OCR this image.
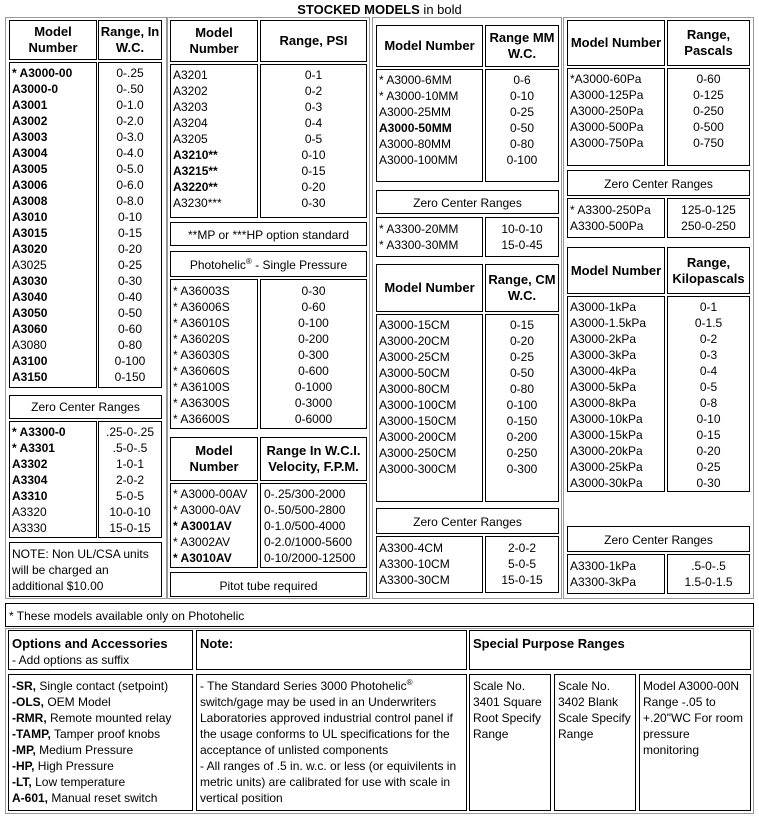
STOCKED MODELS in bold
Model Number
Range, In W.C.
* A3000-00
A3000-0
A3001
A3002
A3003
A3004
A3005
A3006
A3008
A3010
A3015
A3020
A3025
A3030
A3040
A3050
A3060
A3080
A3100
A3150
0-.25
0-.50
0-1.0
0-2.0
0-3.0
0-4.0
0-5.0
0-6.0
0-8.0
0-10
0-15
0-20
0-25
0-30
0-40
0-50
0-60
0-80
0-100
0-150
Zero Center Ranges
* A3300-0
* A3301
A3302
A3304
A3310
A3320
A3330
.25-0-.25
.5-0-.5
1-0-1
2-0-2
5-0-5
10-0-10
15-0-15
NOTE: Non UL/CSA units will be charged an additional $10.00
Model Number
Range, PSI
A3201
A3202
A3203
A3204
A3205
A3210**
A3215**
A3220**
A3230***
0-1
0-2
0-3
0-4
0-5
0-10
0-15
0-20
0-30
**MP or ***HP option standard
Photohelic® - Single Pressure
* A36003S
* A36006S
* A36010S
* A36020S
* A36030S
* A36060S
* A36100S
* A36300S
* A36600S
0-30
0-60
0-100
0-200
0-300
0-600
0-1000
0-3000
0-6000
Model Number
Range In W.C.I. Velocity, F.P.M.
* A3000-00AV
* A3000-0AV
* A3001AV
* A3002AV
* A3010AV
0-.25/300-2000
0-.50/500-2800
0-1.0/500-4000
0-2.0/1000-5600
0-10/2000-12500
Pitot tube required
Model Number
Range MM W.C.
* A3000-6MM
* A3000-10MM
A3000-25MM
A3000-50MM
A3000-80MM
A3000-100MM
0-6
0-10
0-25
0-50
0-80
0-100
Zero Center Ranges
* A3300-20MM
* A3300-30MM
10-0-10
15-0-45
Model Number
Range, CM W.C.
A3000-15CM
A3000-20CM
A3000-25CM
A3000-50CM
A3000-80CM
A3000-100CM
A3000-150CM
A3000-200CM
A3000-250CM
A3000-300CM
0-15
0-20
0-25
0-50
0-80
0-100
0-150
0-200
0-250
0-300
Zero Center Ranges
A3300-4CM
A3300-10CM
A3300-30CM
2-0-2
5-0-5
15-0-15
Model Number
Range, Pascals
*A3000-60Pa
A3000-125Pa
A3000-250Pa
A3000-500Pa
A3000-750Pa
0-60
0-125
0-250
0-500
0-750
Zero Center Ranges
* A3300-250Pa
A3300-500Pa
125-0-125
250-0-250
Model Number
Range, Kilopascals
A3000-1kPa
A3000-1.5kPa
A3000-2kPa
A3000-3kPa
A3000-4kPa
A3000-5kPa
A3000-8kPa
A3000-10kPa
A3000-15kPa
A3000-20kPa
A3000-25kPa
A3000-30kPa
0-1
0-1.5
0-2
0-3
0-4
0-5
0-8
0-10
0-15
0-20
0-25
0-30
Zero Center Ranges
A3300-1kPa
A3300-3kPa
.5-0-.5
1.5-0-1.5
* These models available only on Photohelic
Options and Accessories
- Add options as suffix
-SR, Single contact (setpoint)
-OLS, OEM Model
-RMR, Remote mounted relay
-TAMP, Tamper proof knobs
-MP, Medium Pressure
-HP, High Pressure
-LT, Low temperature
A-601, Manual reset switch
Note:
- The Standard Series 3000 Photohelic® switch/gage may be used in an Underwriters Laboratories approved industrial control panel if the usage conforms to UL specifications for the acceptance of unlisted components
- All ranges of .5 in. w.c. or less (or equivilents in metric units) are calibrated for use with scale in vertical position
Special Purpose Ranges
Scale No. 3401 Square Root Specify Range
Scale No. 3402 Blank Scale Specify Range
Model A3000-00N Range -.05 to +.20"WC For room pressure monitoring
